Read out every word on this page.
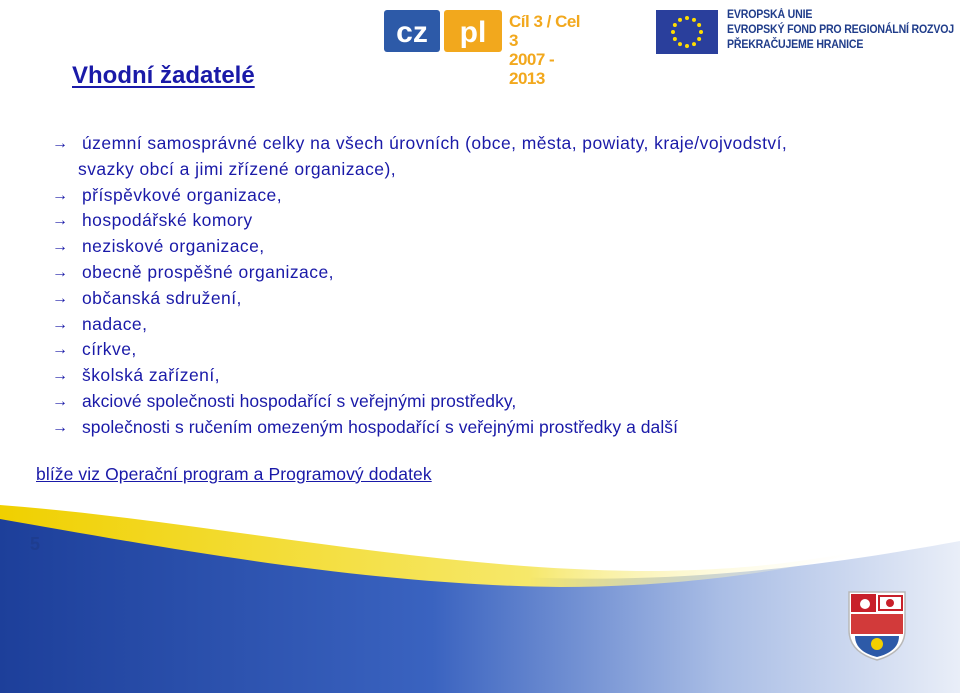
cz pl Cíl 3 / Cel 3
2007 - 2013
EVROPSKÁ UNIE
EVROPSKÝ FOND PRO REGIONÁLNÍ ROZVOJ
PŘEKRAČUJEME HRANICE
Vhodní žadatelé
→ územní samosprávné celky na všech úrovních (obce, města, powiaty, kraje/vojvodství,
svazky obcí a jimi zřízené organizace),
→ příspěvkové organizace,
→ hospodářské komory
→ neziskové organizace,
→ obecně prospěšné organizace,
→ občanská sdružení,
→ nadace,
→ církve,
→ školská zařízení,
→ akciové společnosti hospodařící s veřejnými prostředky,
→ společnosti s ručením omezeným hospodařící s veřejnými prostředky a další
blíže viz Operační program a Programový dodatek
5
